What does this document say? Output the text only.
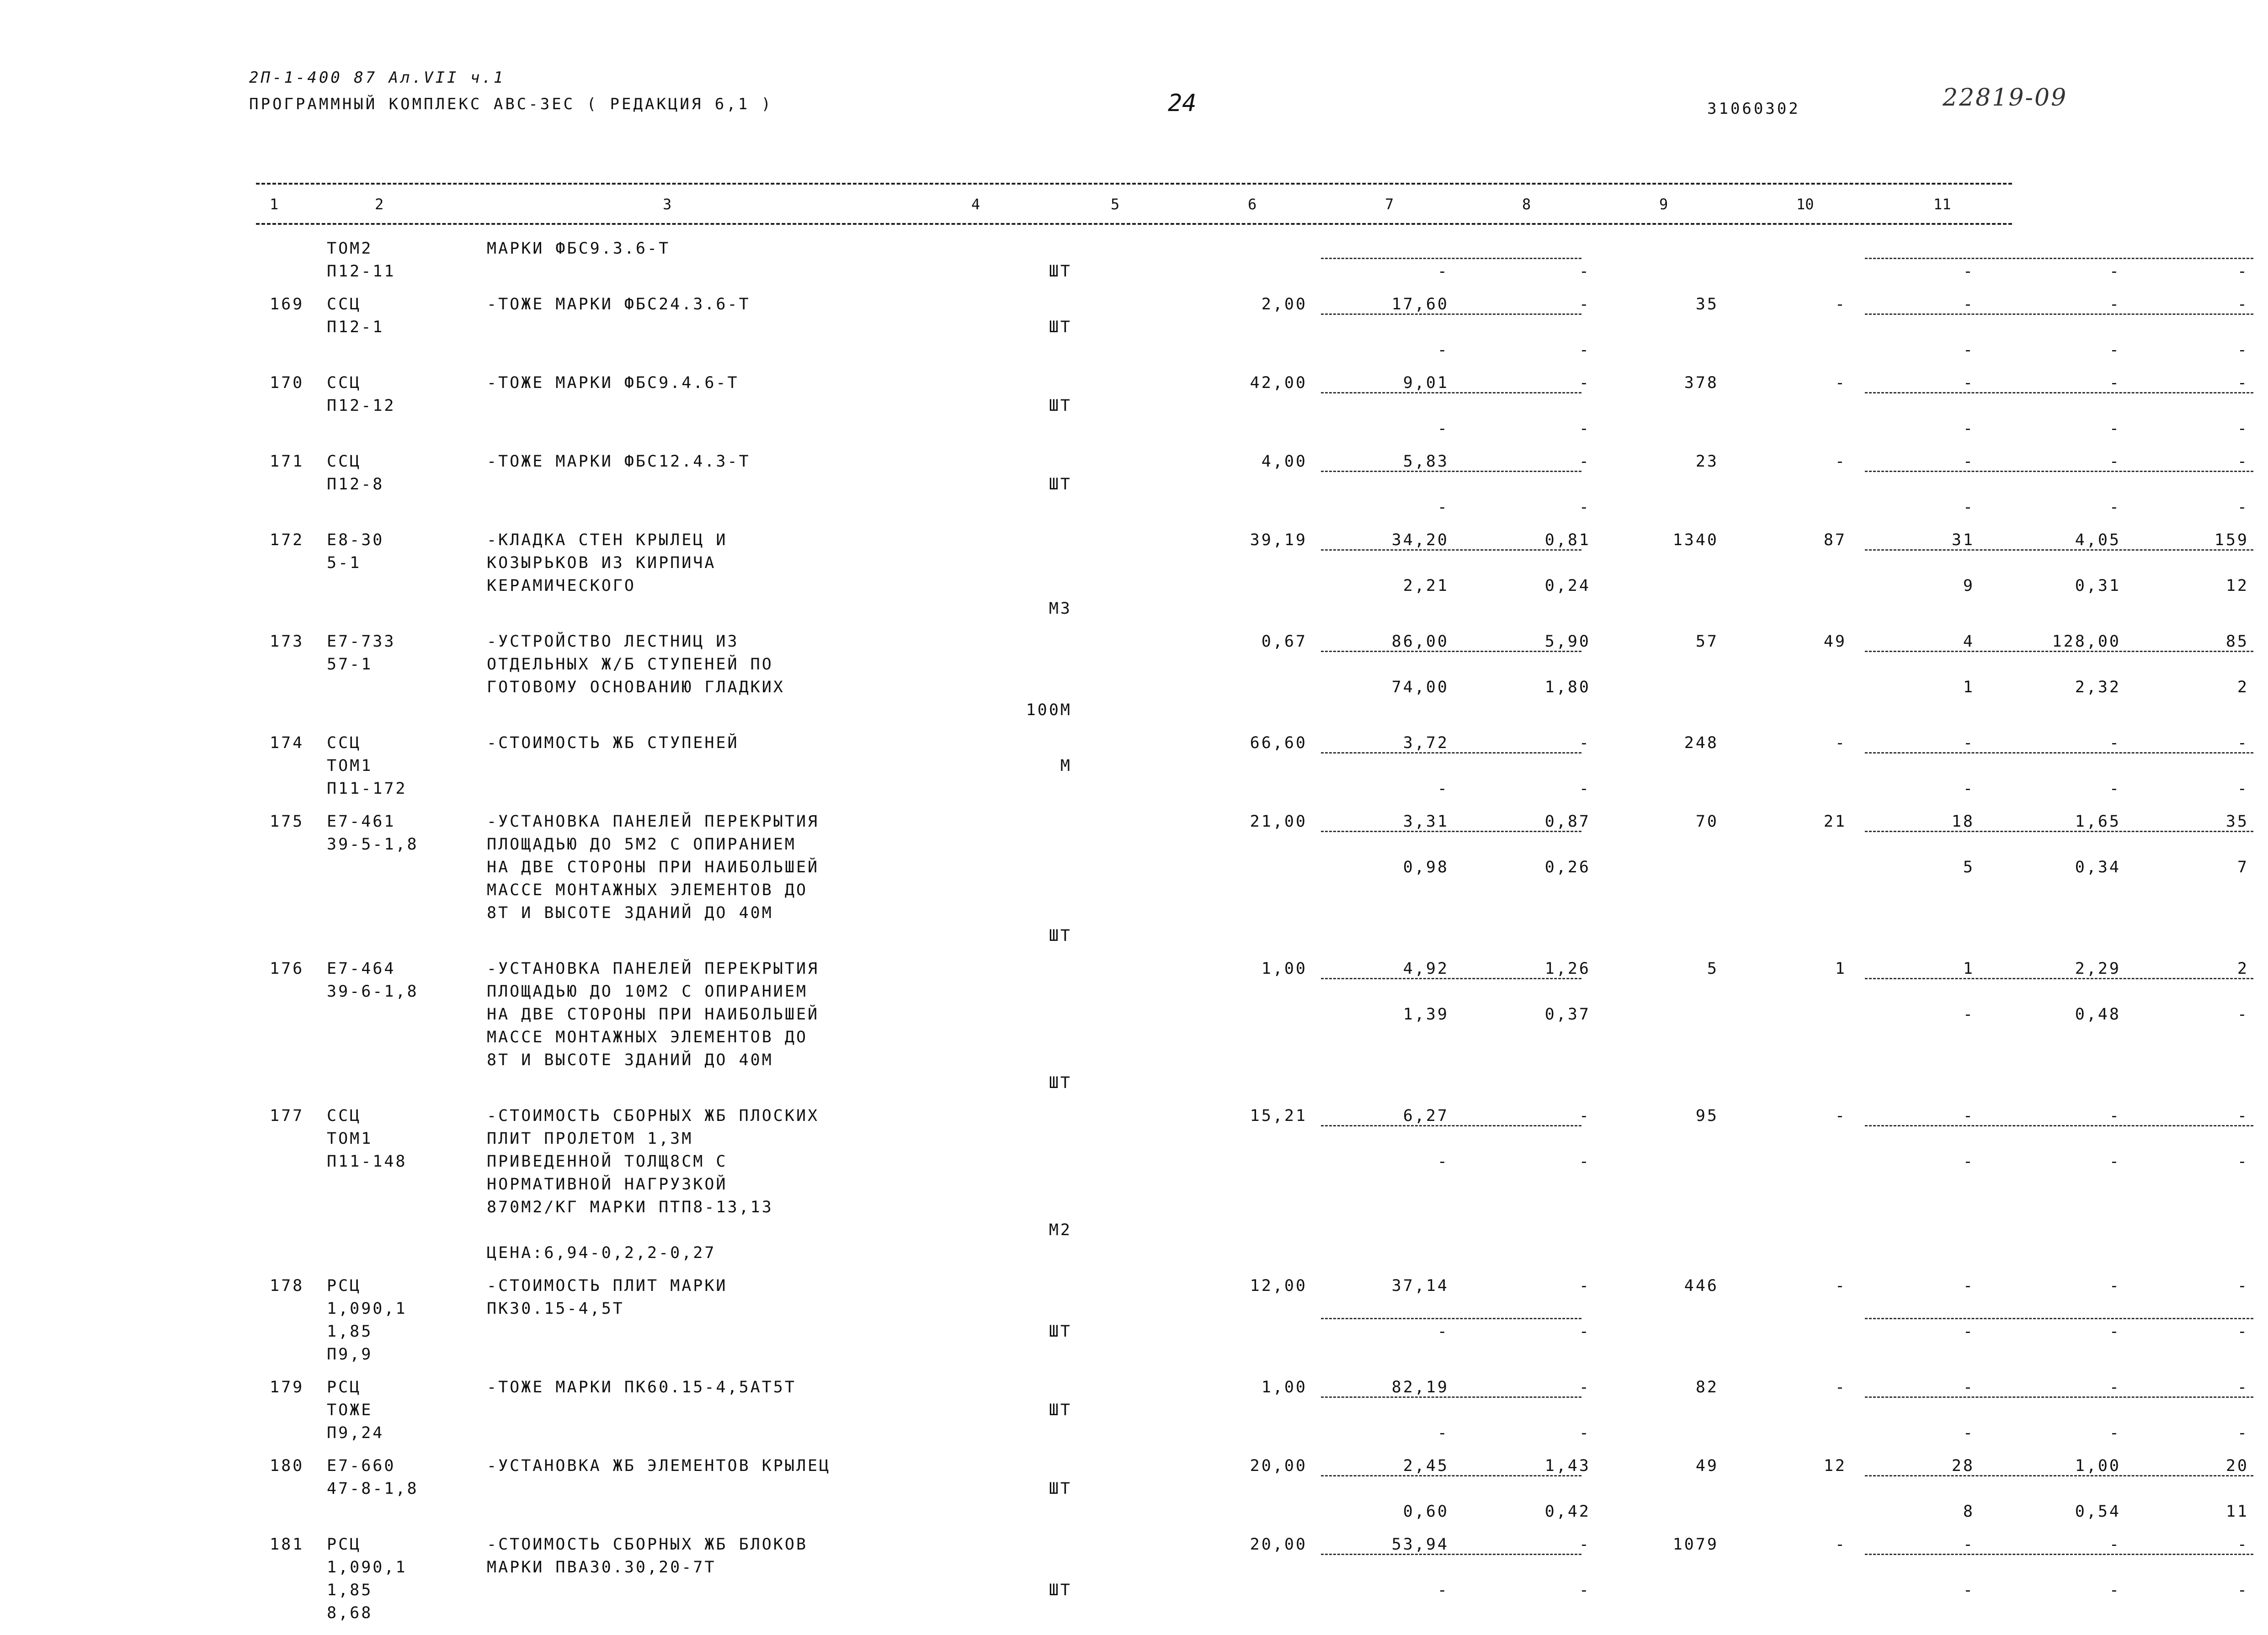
2П-1-400 87 Ал.VII ч.1
ПРОГРАММНЫЙ КОМПЛЕКС АВС-ЗЕС ( РЕДАКЦИЯ 6,1 )	24	31060302	22819-09
1	2	3	4	5	6	7	8	9	10	11
ТОМ2	МАРКИ ФБС9.3.6-Т
П12-11	ШТ	-	-	-	-	-
169	ССЦ	-ТОЖЕ МАРКИ ФБС24.3.6-Т	2,00	17,60	-	35	-	-	-	-
П12-1	ШТ
-	-	-	-	-
170	ССЦ	-ТОЖЕ МАРКИ ФБС9.4.6-Т	42,00	9,01	-	378	-	-	-	-
П12-12	ШТ
-	-	-	-	-
171	ССЦ	-ТОЖЕ МАРКИ ФБС12.4.3-Т	4,00	5,83	-	23	-	-	-	-
П12-8	ШТ
-	-	-	-	-
172	Е8-30	-КЛАДКА СТЕН КРЫЛЕЦ И	39,19	34,20	0,81	1340	87	31	4,05	159
5-1	КОЗЫРЬКОВ ИЗ КИРПИЧА
КЕРАМИЧЕСКОГО	2,21	0,24	9	0,31	12
М3
173	Е7-733	-УСТРОЙСТВО ЛЕСТНИЦ ИЗ	0,67	86,00	5,90	57	49	4	128,00	85
57-1	ОТДЕЛЬНЫХ Ж/Б СТУПЕНЕЙ ПО
ГОТОВОМУ ОСНОВАНИЮ ГЛАДКИХ	74,00	1,80	1	2,32	2
100М
174	ССЦ	-СТОИМОСТЬ ЖБ СТУПЕНЕЙ	66,60	3,72	-	248	-	-	-	-
ТОМ1	М
П11-172	-	-	-	-	-
175	Е7-461	-УСТАНОВКА ПАНЕЛЕЙ ПЕРЕКРЫТИЯ	21,00	3,31	0,87	70	21	18	1,65	35
39-5-1,8	ПЛОЩАДЬЮ ДО 5М2 С ОПИРАНИЕМ
НА ДВЕ СТОРОНЫ ПРИ НАИБОЛЬШЕЙ	0,98	0,26	5	0,34	7
МАССЕ МОНТАЖНЫХ ЭЛЕМЕНТОВ ДО
8Т И ВЫСОТЕ ЗДАНИЙ ДО 40М
ШТ
176	Е7-464	-УСТАНОВКА ПАНЕЛЕЙ ПЕРЕКРЫТИЯ	1,00	4,92	1,26	5	1	1	2,29	2
39-6-1,8	ПЛОЩАДЬЮ ДО 10М2 С ОПИРАНИЕМ
НА ДВЕ СТОРОНЫ ПРИ НАИБОЛЬШЕЙ	1,39	0,37	-	0,48	-
МАССЕ МОНТАЖНЫХ ЭЛЕМЕНТОВ ДО
8Т И ВЫСОТЕ ЗДАНИЙ ДО 40М
ШТ
177	ССЦ	-СТОИМОСТЬ СБОРНЫХ ЖБ ПЛОСКИХ	15,21	6,27	-	95	-	-	-	-
ТОМ1	ПЛИТ ПРОЛЕТОМ 1,3М
П11-148	ПРИВЕДЕННОЙ ТОЛЩ8СМ С	-	-	-	-	-
НОРМАТИВНОЙ НАГРУЗКОЙ
870М2/КГ МАРКИ ПТП8-13,13
М2
ЦЕНА:6,94-0,2,2-0,27
178	РСЦ	-СТОИМОСТЬ ПЛИТ МАРКИ	12,00	37,14	-	446	-	-	-	-
1,090,1	ПК30.15-4,5Т
1,85	ШТ	-	-	-	-	-
П9,9
179	РСЦ	-ТОЖЕ МАРКИ ПК60.15-4,5АТ5Т	1,00	82,19	-	82	-	-	-	-
ТОЖЕ	ШТ
П9,24	-	-	-	-	-
180	Е7-660	-УСТАНОВКА ЖБ ЭЛЕМЕНТОВ КРЫЛЕЦ	20,00	2,45	1,43	49	12	28	1,00	20
47-8-1,8	ШТ
0,60	0,42	8	0,54	11
181	РСЦ	-СТОИМОСТЬ СБОРНЫХ ЖБ БЛОКОВ	20,00	53,94	-	1079	-	-	-	-
1,090,1	МАРКИ ПВА30.30,20-7Т
1,85	ШТ	-	-	-	-	-
8,68
